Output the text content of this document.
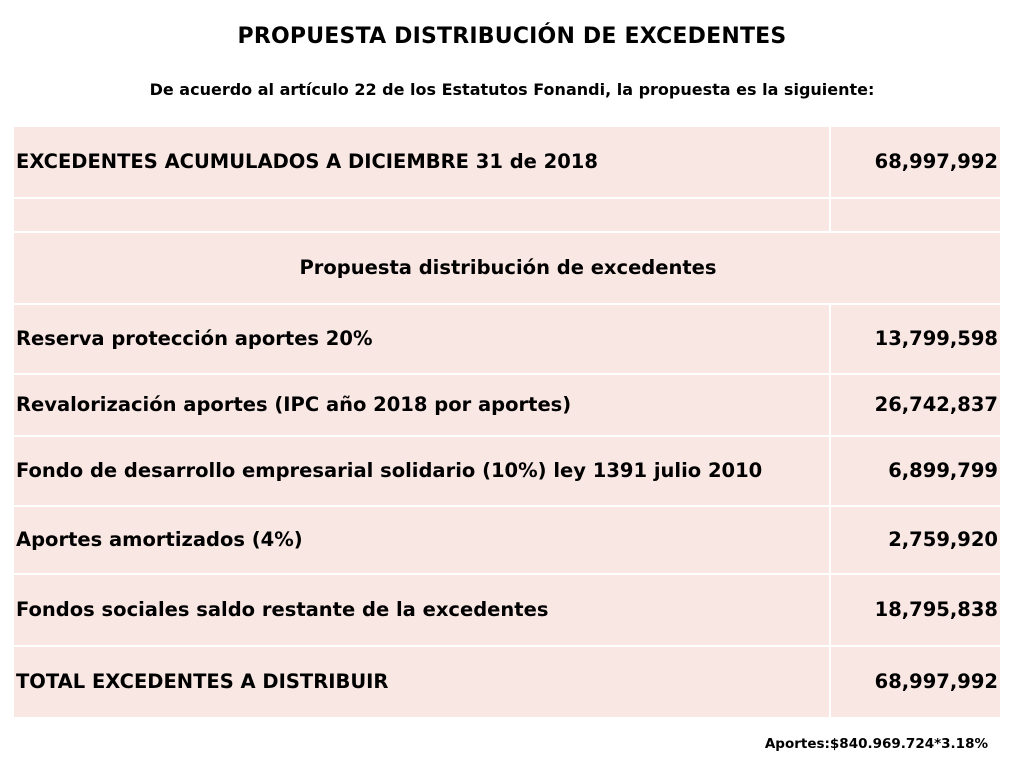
PROPUESTA DISTRIBUCIÓN DE EXCEDENTES
De acuerdo al artículo 22 de los Estatutos Fonandi, la propuesta es la siguiente:
EXCEDENTES ACUMULADOS A DICIEMBRE 31 de 2018	68,997,992

Propuesta distribución de excedentes	
Reserva protección aportes 20%	13,799,598
Revalorización aportes (IPC año 2018 por aportes)	26,742,837
Fondo de desarrollo empresarial solidario (10%) ley 1391 julio 2010	6,899,799
Aportes amortizados (4%)	2,759,920
Fondos sociales saldo restante de la excedentes	18,795,838
TOTAL EXCEDENTES A DISTRIBUIR	68,997,992
Aportes:$840.969.724*3.18%
